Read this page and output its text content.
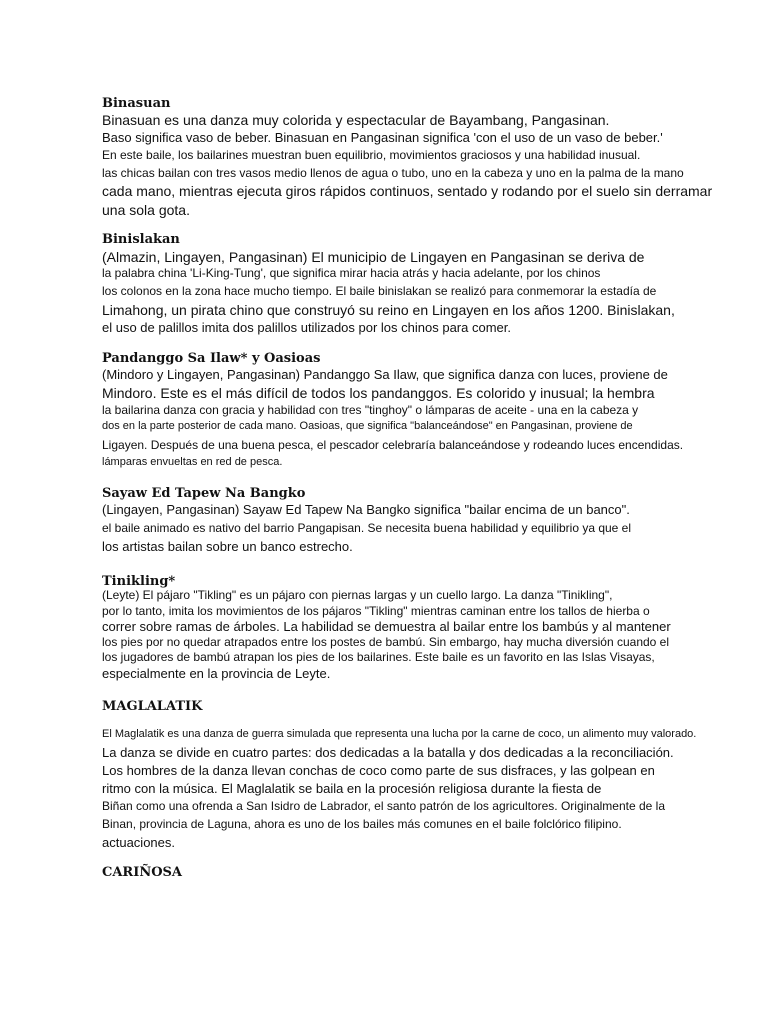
Binasuan

Binasuan es una danza muy colorida y espectacular de Bayambang, Pangasinan.

Baso significa vaso de beber. Binasuan en Pangasinan significa 'con el uso de un vaso de beber.'

En este baile, los bailarines muestran buen equilibrio, movimientos graciosos y una habilidad inusual.

las chicas bailan con tres vasos medio llenos de agua o tubo, uno en la cabeza y uno en la palma de la mano

cada mano, mientras ejecuta giros rápidos continuos, sentado y rodando por el suelo sin derramar

una sola gota.

Binislakan

(Almazin, Lingayen, Pangasinan) El municipio de Lingayen en Pangasinan se deriva de

la palabra china 'Li-King-Tung', que significa mirar hacia atrás y hacia adelante, por los chinos

los colonos en la zona hace mucho tiempo. El baile binislakan se realizó para conmemorar la estadía de

Limahong, un pirata chino que construyó su reino en Lingayen en los años 1200. Binislakan,

el uso de palillos imita dos palillos utilizados por los chinos para comer.

Pandanggo Sa Ilaw* y Oasioas

(Mindoro y Lingayen, Pangasinan) Pandanggo Sa Ilaw, que significa danza con luces, proviene de

Mindoro. Este es el más difícil de todos los pandanggos. Es colorido y inusual; la hembra

la bailarina danza con gracia y habilidad con tres "tinghoy" o lámparas de aceite - una en la cabeza y

dos en la parte posterior de cada mano. Oasioas, que significa "balanceándose" en Pangasinan, proviene de

Ligayen. Después de una buena pesca, el pescador celebraría balanceándose y rodeando luces encendidas.

lámparas envueltas en red de pesca.

Sayaw Ed Tapew Na Bangko

(Lingayen, Pangasinan) Sayaw Ed Tapew Na Bangko significa "bailar encima de un banco".

el baile animado es nativo del barrio Pangapisan. Se necesita buena habilidad y equilibrio ya que el

los artistas bailan sobre un banco estrecho.

Tinikling*

(Leyte) El pájaro "Tikling" es un pájaro con piernas largas y un cuello largo. La danza "Tinikling",

por lo tanto, imita los movimientos de los pájaros "Tikling" mientras caminan entre los tallos de hierba o

correr sobre ramas de árboles. La habilidad se demuestra al bailar entre los bambús y al mantener

los pies por no quedar atrapados entre los postes de bambú. Sin embargo, hay mucha diversión cuando el

los jugadores de bambú atrapan los pies de los bailarines. Este baile es un favorito en las Islas Visayas,

especialmente en la provincia de Leyte.

MAGLALATIK

El Maglalatik es una danza de guerra simulada que representa una lucha por la carne de coco, un alimento muy valorado.

La danza se divide en cuatro partes: dos dedicadas a la batalla y dos dedicadas a la reconciliación.

Los hombres de la danza llevan conchas de coco como parte de sus disfraces, y las golpean en

ritmo con la música. El Maglalatik se baila en la procesión religiosa durante la fiesta de

Biñan como una ofrenda a San Isidro de Labrador, el santo patrón de los agricultores. Originalmente de la

Binan, provincia de Laguna, ahora es uno de los bailes más comunes en el baile folclórico filipino.

actuaciones.

CARIÑOSA
